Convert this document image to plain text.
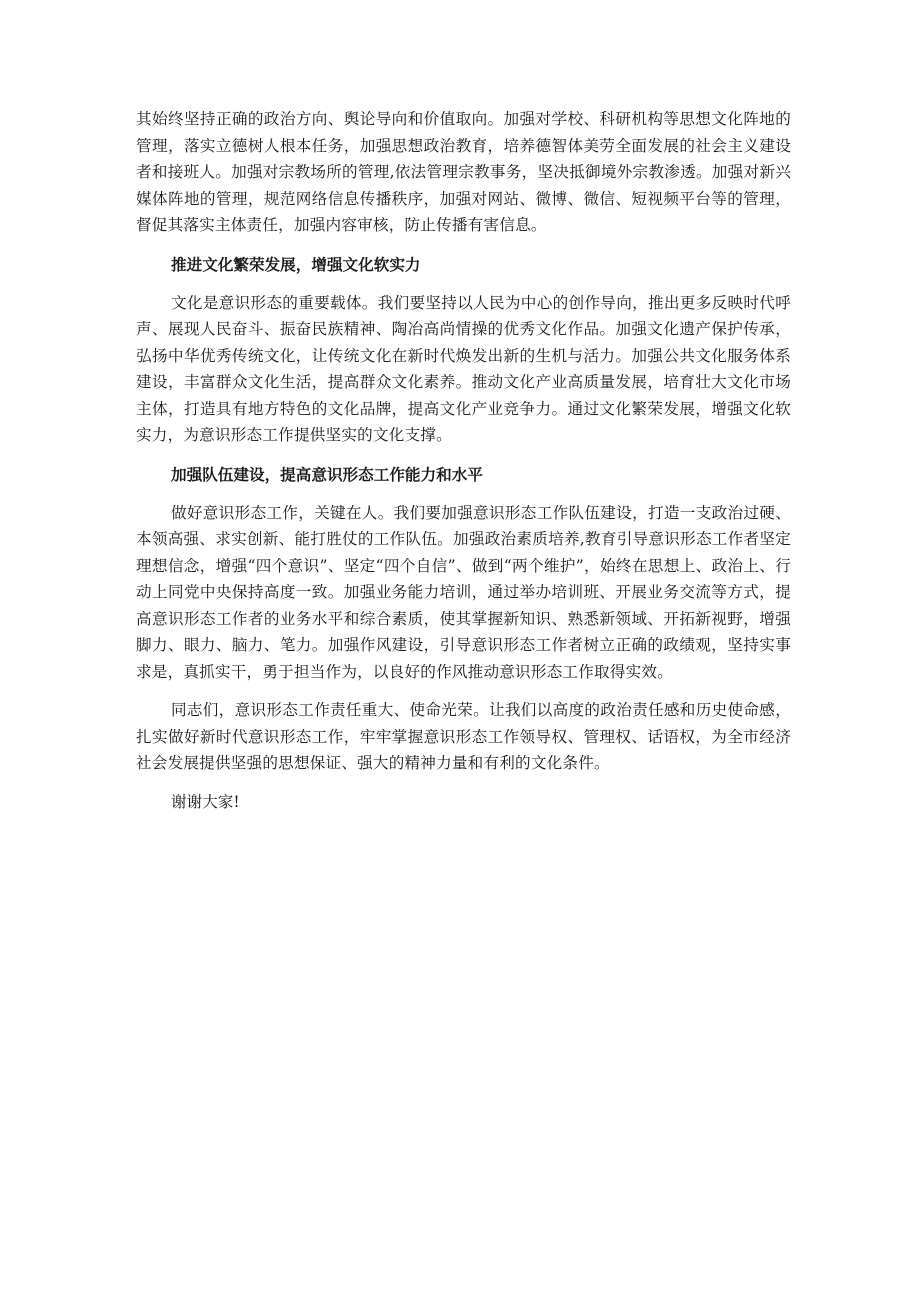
其始终坚持正确的政治方向、舆论导向和价值取向。加强对学校、科研机构等思想文化阵地的管理，落实立德树人根本任务，加强思想政治教育，培养德智体美劳全面发展的社会主义建设者和接班人。加强对宗教场所的管理,依法管理宗教事务，坚决抵御境外宗教渗透。加强对新兴媒体阵地的管理，规范网络信息传播秩序，加强对网站、微博、微信、短视频平台等的管理，督促其落实主体责任，加强内容审核，防止传播有害信息。

推进文化繁荣发展，增强文化软实力

文化是意识形态的重要载体。我们要坚持以人民为中心的创作导向，推出更多反映时代呼声、展现人民奋斗、振奋民族精神、陶冶高尚情操的优秀文化作品。加强文化遗产保护传承，弘扬中华优秀传统文化，让传统文化在新时代焕发出新的生机与活力。加强公共文化服务体系建设，丰富群众文化生活，提高群众文化素养。推动文化产业高质量发展，培育壮大文化市场主体，打造具有地方特色的文化品牌，提高文化产业竞争力。通过文化繁荣发展，增强文化软实力，为意识形态工作提供坚实的文化支撑。

加强队伍建设，提高意识形态工作能力和水平

做好意识形态工作，关键在人。我们要加强意识形态工作队伍建设，打造一支政治过硬、本领高强、求实创新、能打胜仗的工作队伍。加强政治素质培养,教育引导意识形态工作者坚定理想信念，增强“四个意识”、坚定“四个自信”、做到“两个维护”，始终在思想上、政治上、行动上同党中央保持高度一致。加强业务能力培训，通过举办培训班、开展业务交流等方式，提高意识形态工作者的业务水平和综合素质，使其掌握新知识、熟悉新领域、开拓新视野，增强脚力、眼力、脑力、笔力。加强作风建设，引导意识形态工作者树立正确的政绩观，坚持实事求是，真抓实干，勇于担当作为，以良好的作风推动意识形态工作取得实效。

同志们，意识形态工作责任重大、使命光荣。让我们以高度的政治责任感和历史使命感，扎实做好新时代意识形态工作，牢牢掌握意识形态工作领导权、管理权、话语权，为全市经济社会发展提供坚强的思想保证、强大的精神力量和有利的文化条件。

谢谢大家!
